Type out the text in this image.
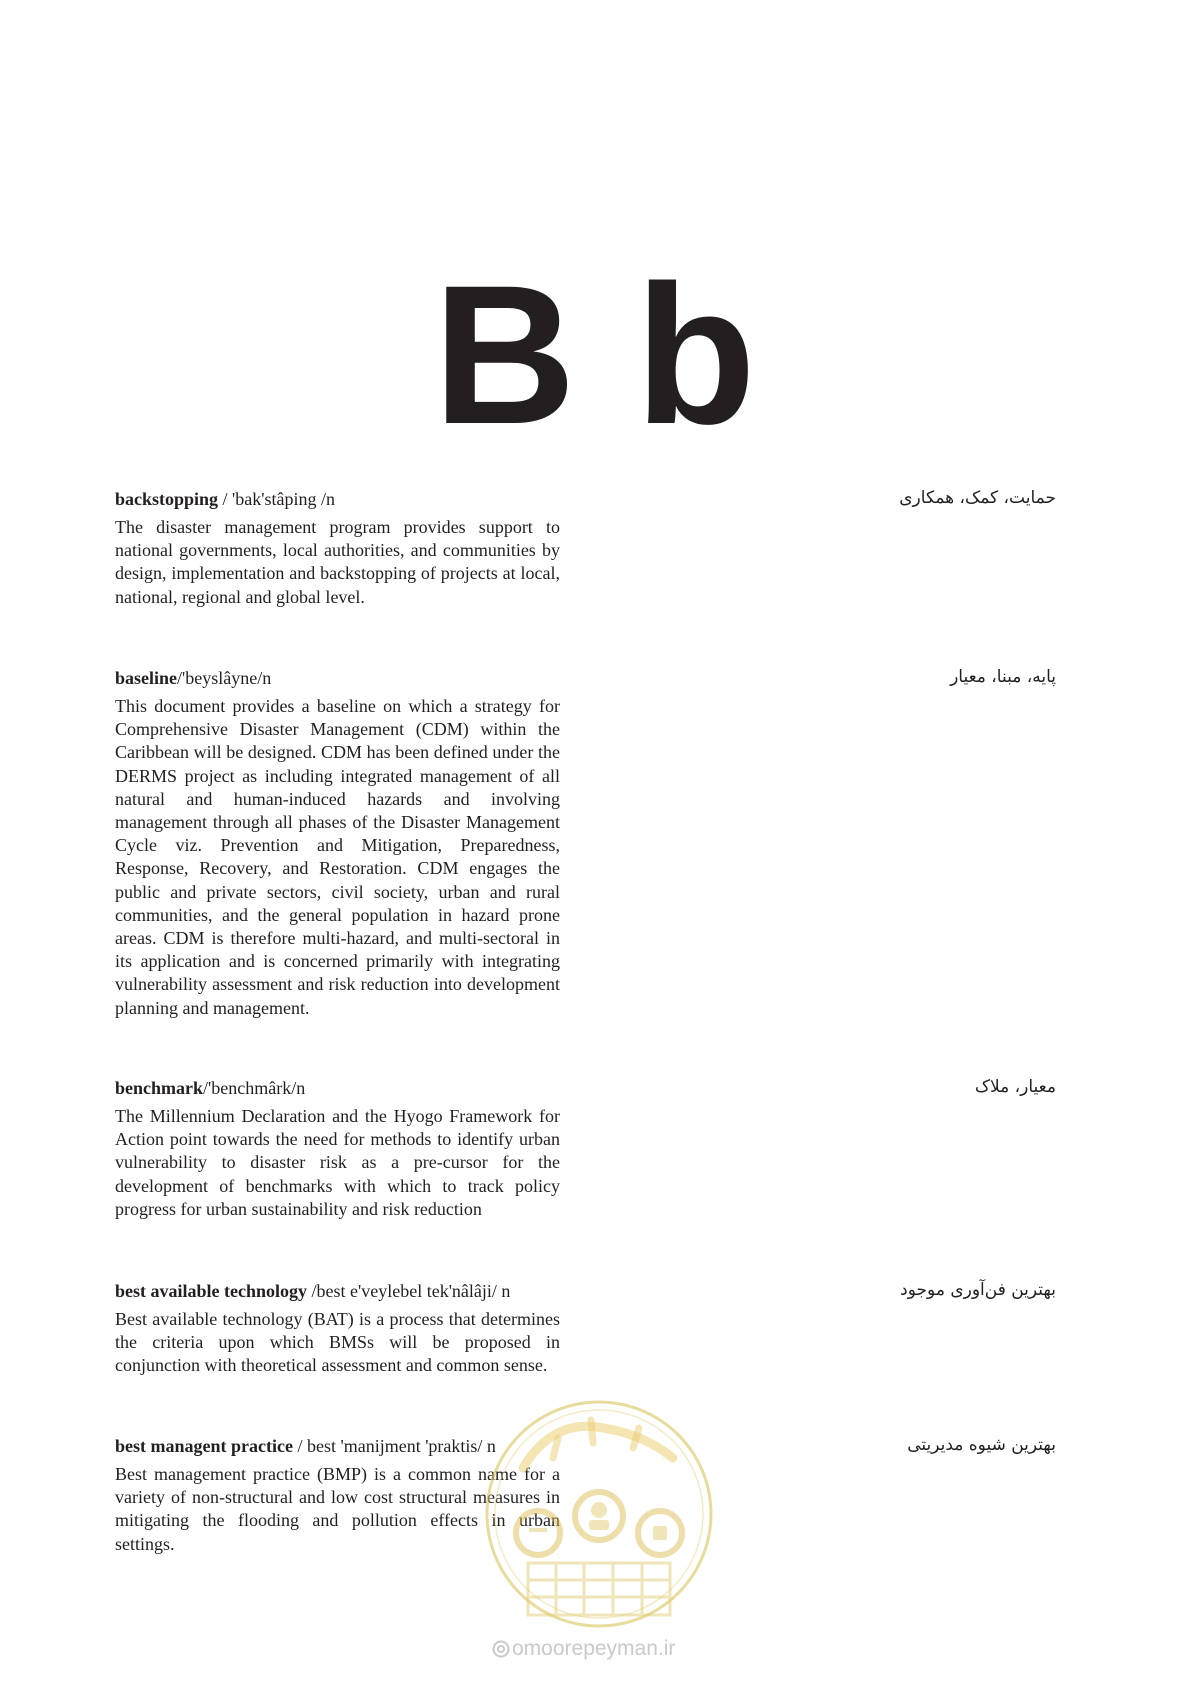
B b

backstopping / 'bak'stâping /n

The disaster management program provides support to national governments, local authorities, and communities by design, implementation and backstopping of projects at local, national, regional and global level.

حمایت، کمک، همکاری

baseline/'beyslâyne/n

This document provides a baseline on which a strategy for Comprehensive Disaster Management (CDM) within the Caribbean will be designed. CDM has been defined under the DERMS project as including integrated management of all natural and human-induced hazards and involving management through all phases of the Disaster Management Cycle viz. Prevention and Mitigation, Preparedness, Response, Recovery, and Restoration. CDM engages the public and private sectors, civil society, urban and rural communities, and the general population in hazard prone areas. CDM is therefore multi-hazard, and multi-sectoral in its application and is concerned primarily with integrating vulnerability assessment and risk reduction into development planning and management.

پایه، مبنا، معیار

benchmark/'benchmârk/n

The Millennium Declaration and the Hyogo Framework for Action point towards the need for methods to identify urban vulnerability to disaster risk as a pre-cursor for the development of benchmarks with which to track policy progress for urban sustainability and risk reduction

معیار، ملاک

best available technology /best e'veylebel tek'nâlâji/ n

Best available technology (BAT) is a process that determines the criteria upon which BMSs will be proposed in conjunction with theoretical assessment and common sense.

بهترین فن‌آوری موجود

best managent practice / best 'manijment 'praktis/ n

Best management practice (BMP) is a common name for a variety of non-structural and low cost structural measures in mitigating the flooding and pollution effects in urban settings.

بهترین شیوه مدیریتی
omoorepeyman.ir
